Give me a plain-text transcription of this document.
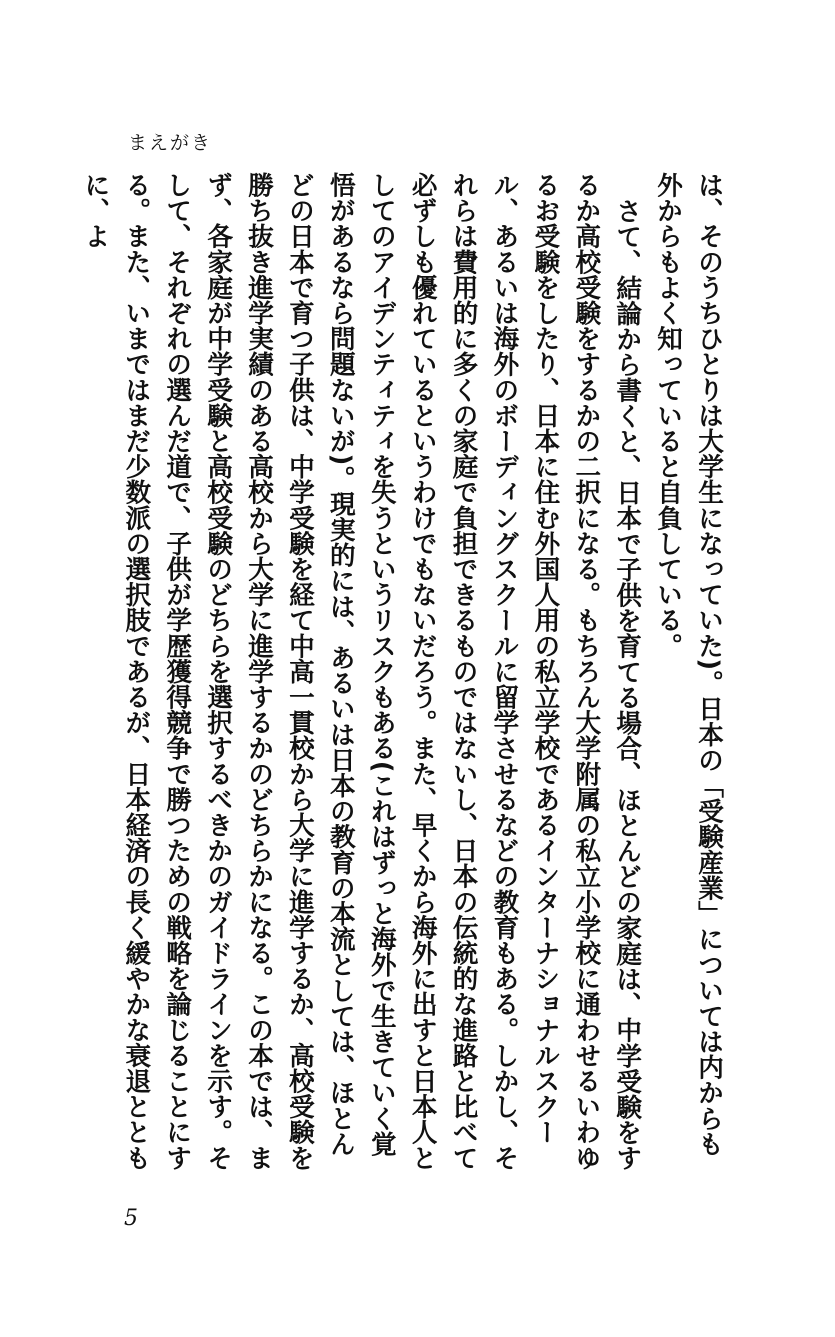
まえがき

は、そのうちひとりは大学生になっていた)。日本の「受験産業」については内からも外からもよく知っていると自負している。

さて、結論から書くと、日本で子供を育てる場合、ほとんどの家庭は、中学受験をするか高校受験をするかの二択になる。もちろん大学附属の私立小学校に通わせるいわゆるお受験をしたり、日本に住む外国人用の私立学校であるインターナショナルスクール、あるいは海外のボーディングスクールに留学させるなどの教育もある。しかし、それらは費用的に多くの家庭で負担できるものではないし、日本の伝統的な進路と比べて必ずしも優れているというわけでもないだろう。また、早くから海外に出すと日本人としてのアイデンティティを失うというリスクもある(これはずっと海外で生きていく覚悟があるなら問題ないが)。現実的には、あるいは日本の教育の本流としては、ほとんどの日本で育つ子供は、中学受験を経て中高一貫校から大学に進学するか、高校受験を勝ち抜き進学実績のある高校から大学に進学するかのどちらかになる。この本では、まず、各家庭が中学受験と高校受験のどちらを選択するべきかのガイドラインを示す。そして、それぞれの選んだ道で、子供が学歴獲得競争で勝つための戦略を論じることにする。また、いまではまだ少数派の選択肢であるが、日本経済の長く緩やかな衰退とともに、よ

5
